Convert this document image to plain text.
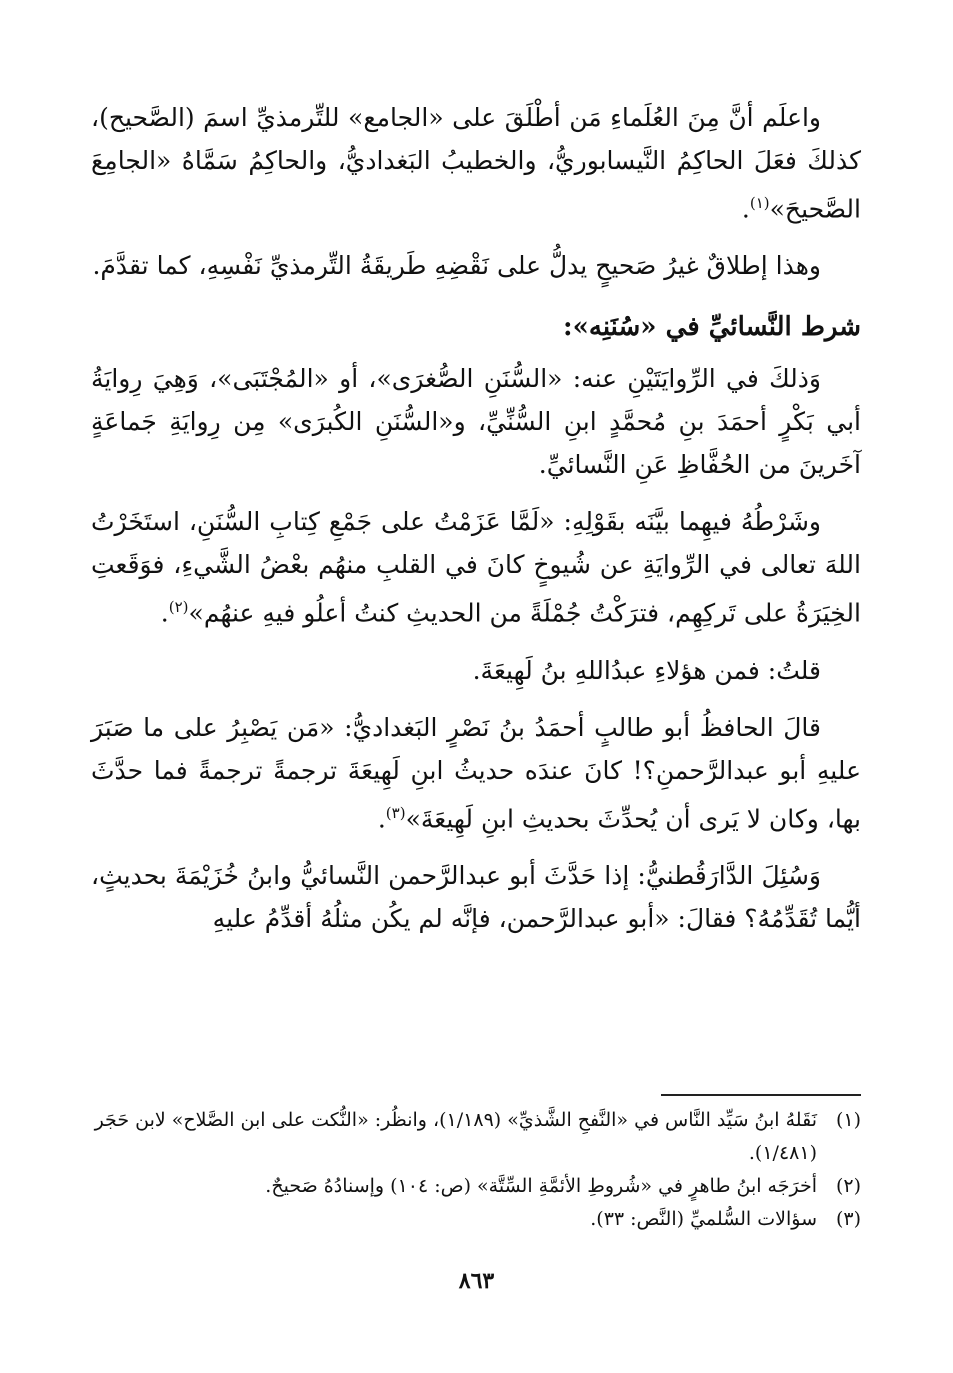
واعلَم أنَّ مِنَ العُلَماءِ مَن أطْلَقَ على «الجامع» للتِّرمذيِّ اسمَ (الصَّحيح)، كذلكَ فعَلَ الحاكِمُ النَّيسابوريُّ، والخطيبُ البَغداديُّ، والحاكِمُ سَمَّاهُ «الجامِعَ الصَّحيحَ»$^{(١)}$.

وهذا إطلاقٌ غيرُ صَحيحٍ يدلُّ على نَقْضِهِ طَريقَةُ التِّرمذيِّ نَفْسِهِ، كما تقدَّمَ.

شرط النَّسائيِّ في «سُنَنِه»:

وَذلكَ في الرِّوايَتَيْنِ عنه: «السُّنَنِ الصُّغرَى»، أو «المُجْتَبَى»، وَهِيَ رِوايَةُ أبي بَكْرٍ أحمَدَ بنِ مُحمَّدٍ ابنِ السُّنِّيِّ، و«السُّنَنِ الكُبرَى» مِن رِوايَةِ جَماعَةٍ آخَرينَ من الحُفَّاظِ عَنِ النَّسائيِّ.

وشَرْطُهُ فيهِما بيَّنَه بقَوْلِهِ: «لَمَّا عَزَمْتُ على جَمْعِ كِتابِ السُّنَنِ، استَخَرْتُ اللهَ تعالى في الرِّوايَةِ عن شُيوخٍ كانَ في القلبِ منهُم بعْضُ الشَّيءِ، فوَقَعتِ الخِيَرَةُ على تَركِهِم، فترَكْتُ جُمْلَةً من الحديثِ كنتُ أعلُو فيهِ عنهُم»$^{(٢)}$.

قلتُ: فمن هؤلاءِ عبدُاللهِ بنُ لَهِيعَةَ.

قالَ الحافظُ أبو طالبٍ أحمَدُ بنُ نَصْرٍ البَغداديُّ: «مَن يَصْبِرُ على ما صَبَرَ عليهِ أبو عبدالرَّحمنِ؟! كانَ عندَه حديثُ ابنِ لَهِيعَةَ ترجمةً ترجمةً فما حدَّثَ بها، وكان لا يَرى أن يُحدِّثَ بحديثِ ابنِ لَهِيعَةَ»$^{(٣)}$.

وَسُئِلَ الدَّارَقُطنيُّ: إذا حَدَّثَ أبو عبدالرَّحمن النَّسائيُّ وابنُ خُزَيْمَةَ بحديثٍ، أيُّما تُقَدِّمُهُ؟ فقالَ: «أبو عبدالرَّحمن، فإنَّه لم يكُن مثلُهُ أقدِّمُ عليهِ

(١)
نَقَلهُ ابنُ سَيِّد النَّاس في «النَّفحِ الشَّذيِّ» (١/١٨٩)، وانظُر: «النُّكت على ابن الصَّلاح» لابن حَجَر (١/٤٨١).

(٢)
أخرَجَه ابنُ طاهرٍ في «شُروطِ الأئمَّةِ السِّتَّة» (ص: ١٠٤) وإسنادُهُ صَحيحٌ.

(٣)
سؤالات السُّلميِّ (النَّص: ٣٣).

٨٦٣
